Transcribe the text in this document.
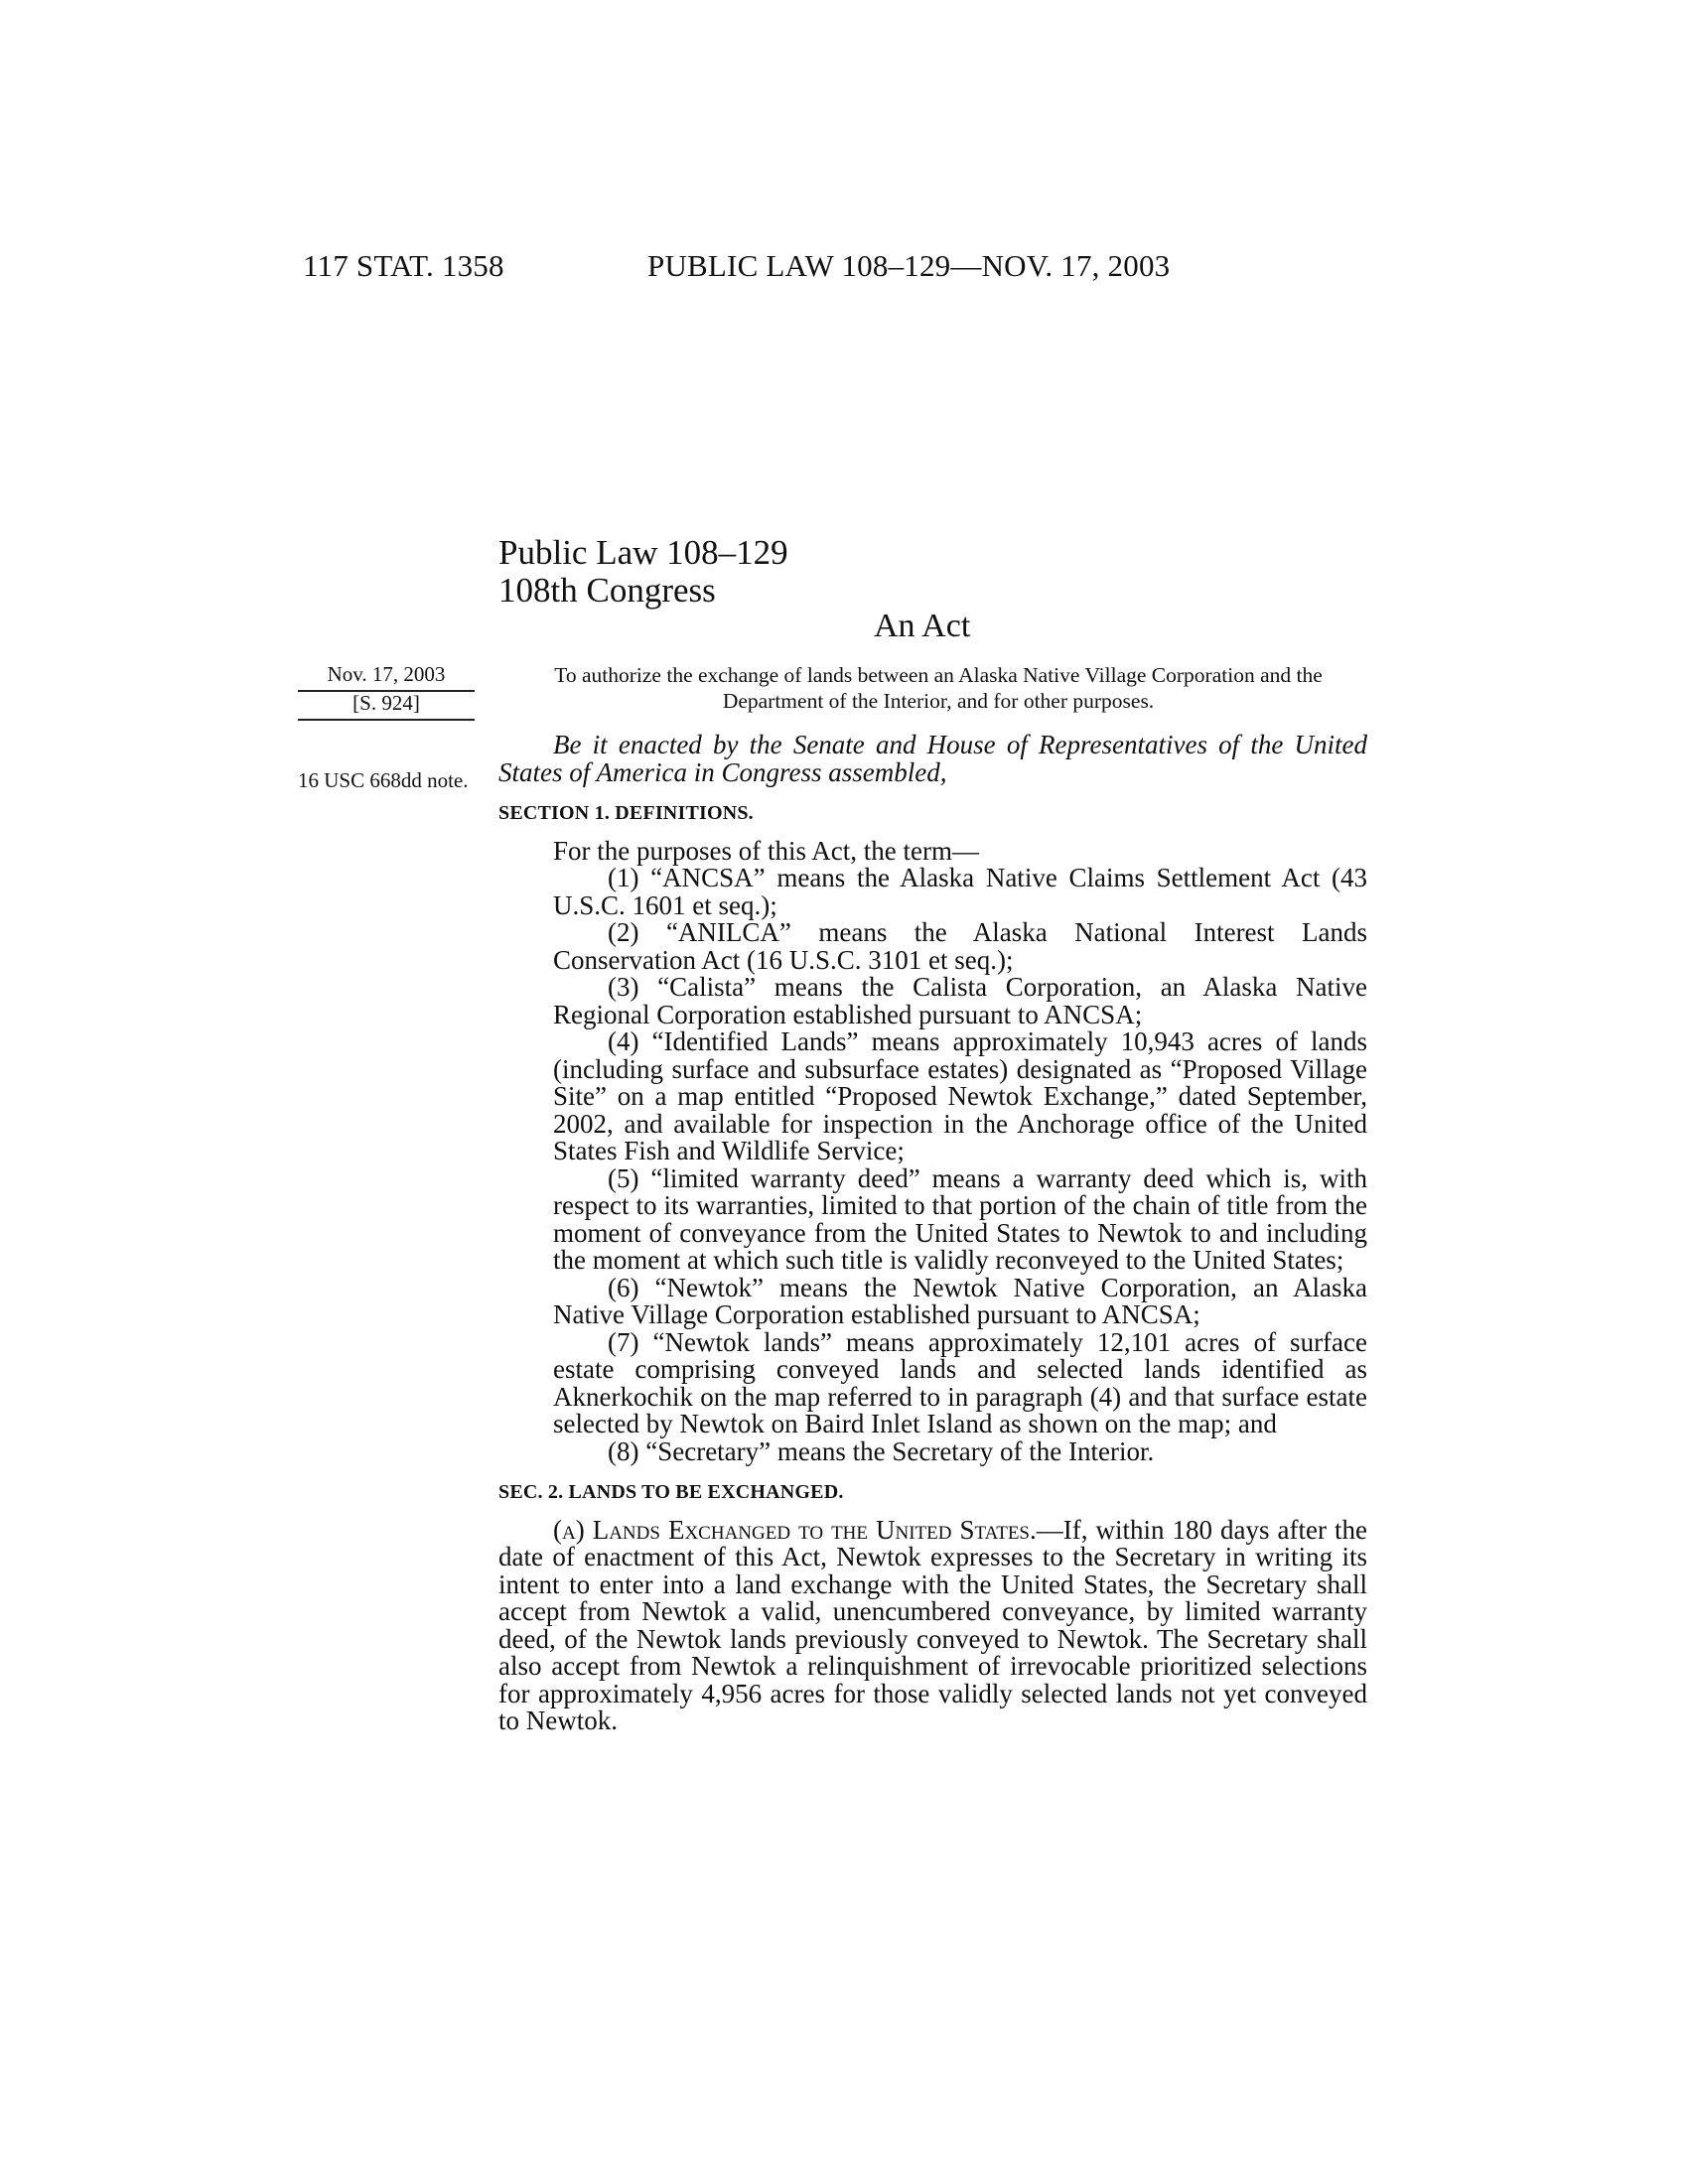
117 STAT. 1358	PUBLIC LAW 108–129—NOV. 17, 2003
Public Law 108–129
108th Congress
An Act
Nov. 17, 2003
[S. 924]
16 USC 668dd note.
To authorize the exchange of lands between an Alaska Native Village Corporation and the Department of the Interior, and for other purposes.

Be it enacted by the Senate and House of Representatives of the United States of America in Congress assembled,

SECTION 1. DEFINITIONS.

For the purposes of this Act, the term—

(1) “ANCSA” means the Alaska Native Claims Settlement Act (43 U.S.C. 1601 et seq.);

(2) “ANILCA” means the Alaska National Interest Lands Conservation Act (16 U.S.C. 3101 et seq.);

(3) “Calista” means the Calista Corporation, an Alaska Native Regional Corporation established pursuant to ANCSA;

(4) “Identified Lands” means approximately 10,943 acres of lands (including surface and subsurface estates) designated as “Proposed Village Site” on a map entitled “Proposed Newtok Exchange,” dated September, 2002, and available for inspection in the Anchorage office of the United States Fish and Wildlife Service;

(5) “limited warranty deed” means a warranty deed which is, with respect to its warranties, limited to that portion of the chain of title from the moment of conveyance from the United States to Newtok to and including the moment at which such title is validly reconveyed to the United States;

(6) “Newtok” means the Newtok Native Corporation, an Alaska Native Village Corporation established pursuant to ANCSA;

(7) “Newtok lands” means approximately 12,101 acres of surface estate comprising conveyed lands and selected lands identified as Aknerkochik on the map referred to in paragraph (4) and that surface estate selected by Newtok on Baird Inlet Island as shown on the map; and

(8) “Secretary” means the Secretary of the Interior.

SEC. 2. LANDS TO BE EXCHANGED.

(a) Lands Exchanged to the United States.—If, within 180 days after the date of enactment of this Act, Newtok expresses to the Secretary in writing its intent to enter into a land exchange with the United States, the Secretary shall accept from Newtok a valid, unencumbered conveyance, by limited warranty deed, of the Newtok lands previously conveyed to Newtok. The Secretary shall also accept from Newtok a relinquishment of irrevocable prioritized selections for approximately 4,956 acres for those validly selected lands not yet conveyed to Newtok.
